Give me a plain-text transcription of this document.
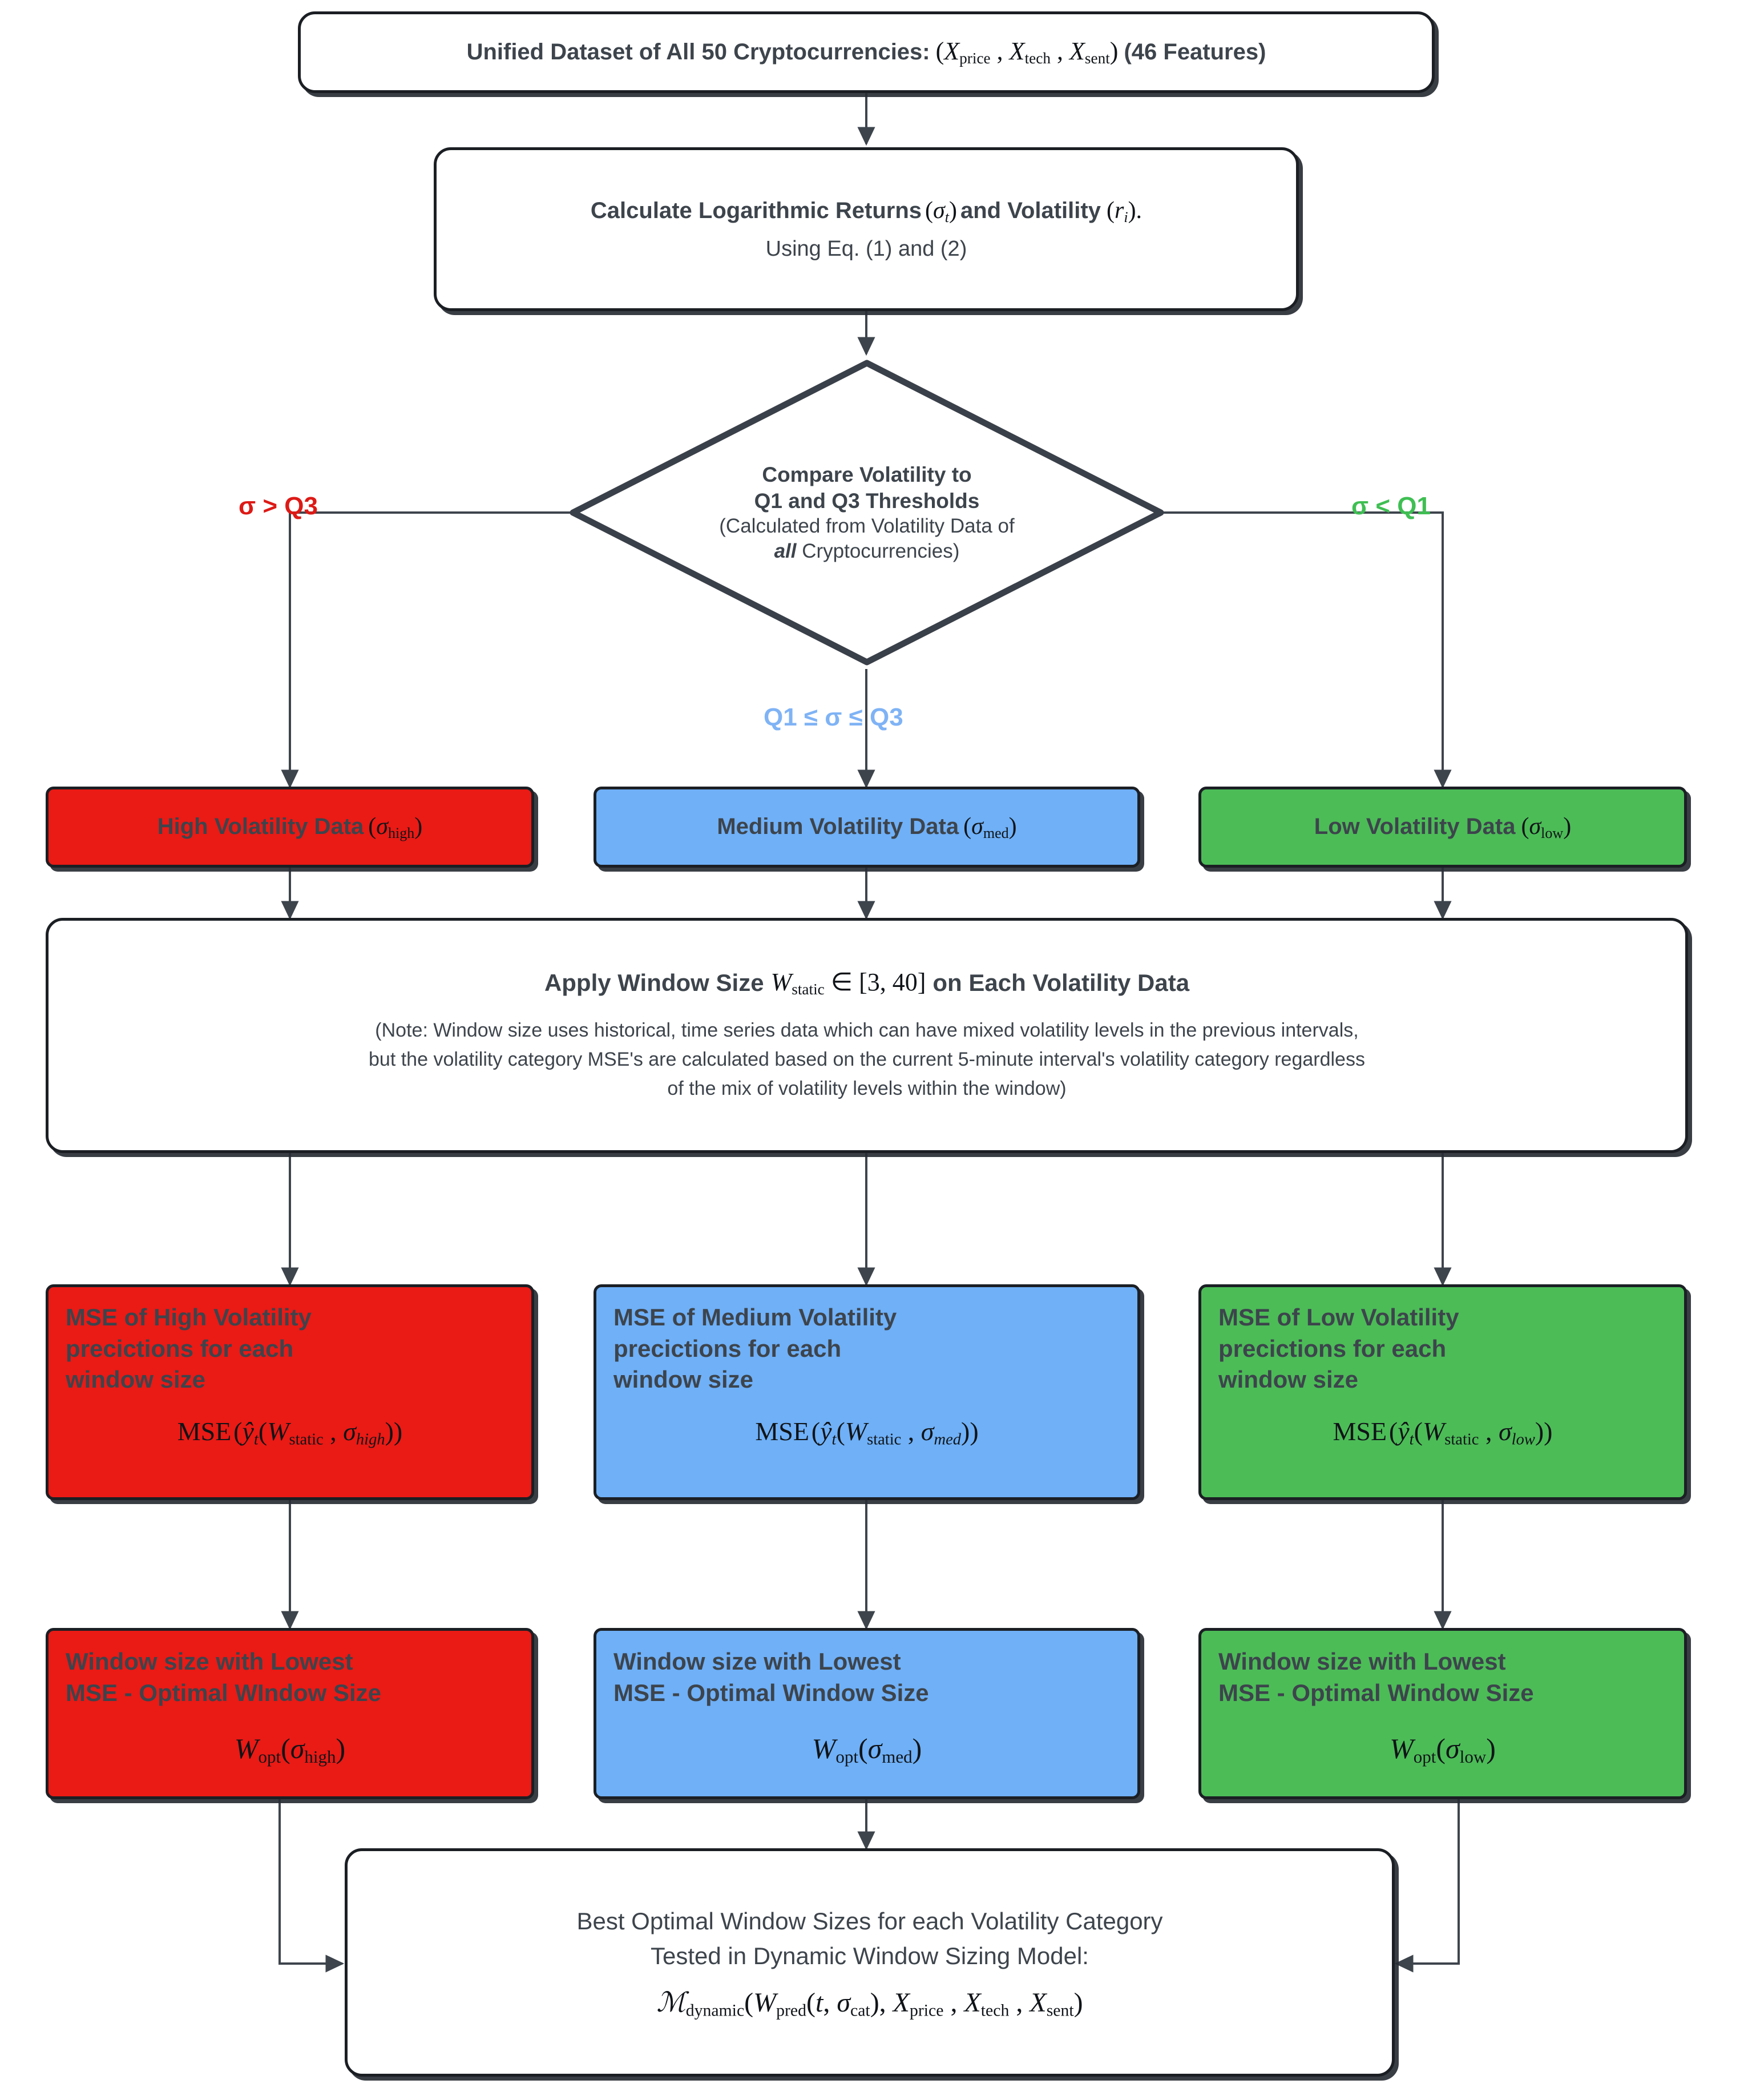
Unified Dataset of All 50 Cryptocurrencies: ($X_{price}$ , $X_{tech}$ , $X_{sent}$) (46 Features)
Calculate Logarithmic Returns $(\sigma_t)$ and Volatility $(r_i)$.
Using Eq. (1) and (2)
Compare Volatility to
Q1 and Q3 Thresholds
(Calculated from Volatility Data of
all Cryptocurrencies)
σ > Q3	σ < Q1
Q1 ≤ σ ≤ Q3
High Volatility Data $(\sigma_{high})$	Medium Volatility Data $(\sigma_{med})$	Low Volatility Data $(\sigma_{low})$
Apply Window Size $W_{static}$ ∈ [3, 40] on Each Volatility Data
(Note: Window size uses historical, time series data which can have mixed volatility levels in the previous intervals,
but the volatility category MSE's are calculated based on the current 5-minute interval's volatility category regardless
of the mix of volatility levels within the window)
MSE of High Volatility
precictions for each
window size
MSE ($ŷ_t(W_{static}$ , $\sigma_{high}$))
MSE of Medium Volatility
precictions for each
window size
MSE ($ŷ_t(W_{static}$ , $\sigma_{med}$))
MSE of Low Volatility
precictions for each
window size
MSE ($ŷ_t(W_{static}$ , $\sigma_{low}$))
Window size with Lowest
MSE - Optimal WIndow Size
$W_{opt}(\sigma_{high})$
Window size with Lowest
MSE - Optimal Window Size
$W_{opt}(\sigma_{med})$
Window size with Lowest
MSE - Optimal Window Size
$W_{opt}(\sigma_{low})$
Best Optimal Window Sizes for each Volatility Category
Tested in Dynamic Window Sizing Model:
$ℳ_{dynamic}(W_{pred}(t$, $\sigma_{cat}$), $X_{price}$ , $X_{tech}$ , $X_{sent}$)
